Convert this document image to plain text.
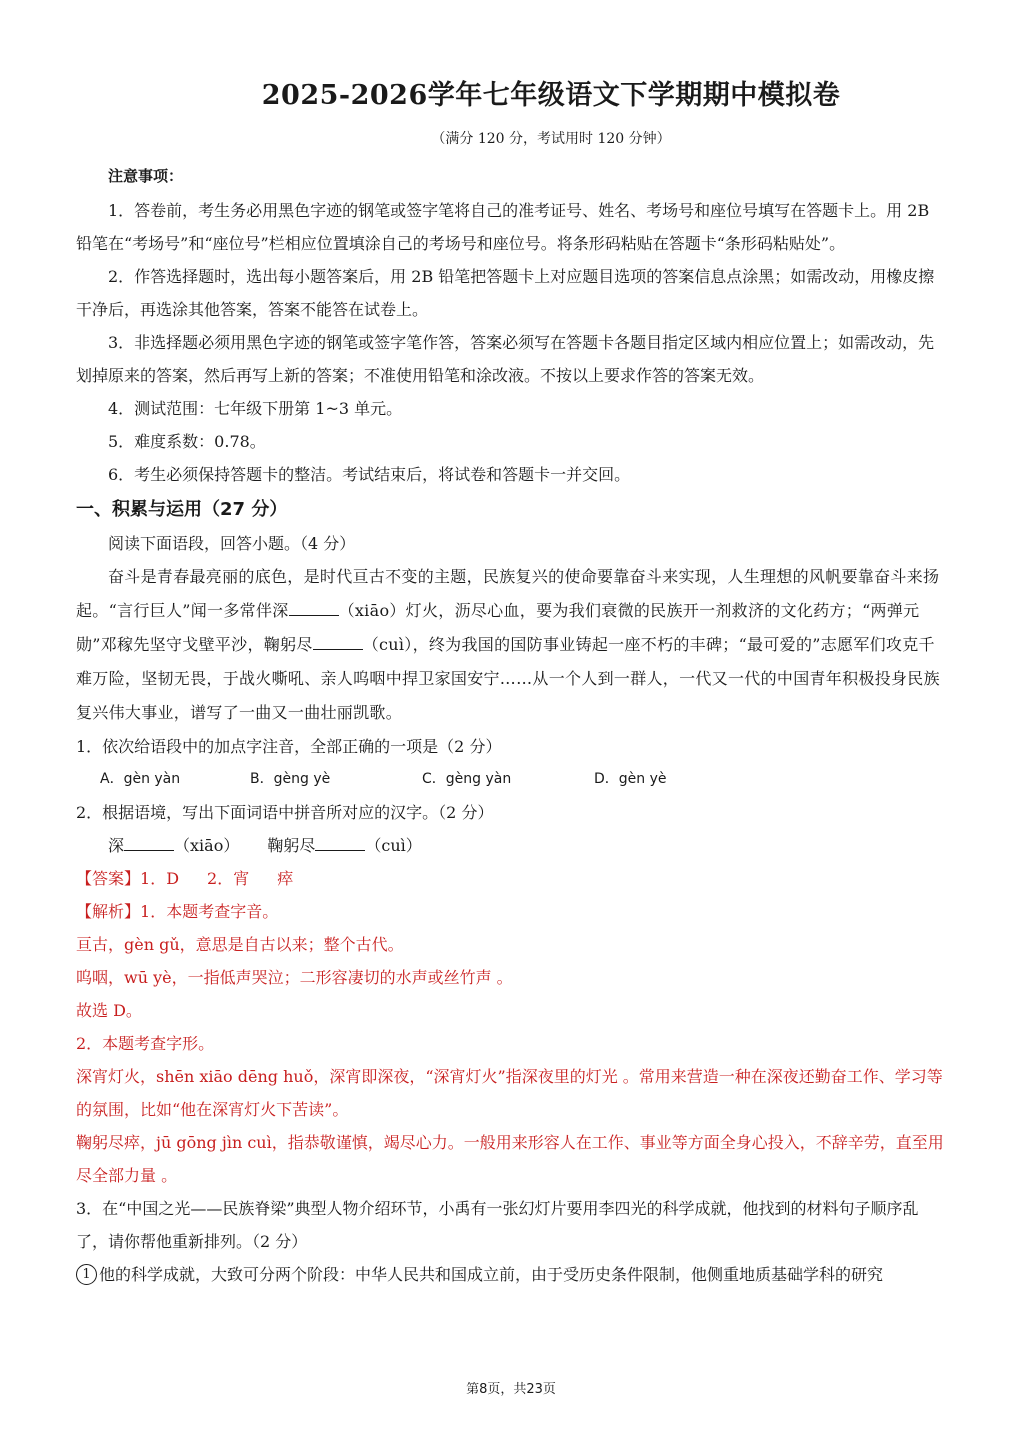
2025-2026学年七年级语文下学期期中模拟卷
（满分 120 分，考试用时 120 分钟）
注意事项：

1．答卷前，考生务必用黑色字迹的钢笔或签字笔将自己的准考证号、姓名、考场号和座位号填写在答题卡上。用 2B 铅笔在“考场号”和“座位号”栏相应位置填涂自己的考场号和座位号。将条形码粘贴在答题卡“条形码粘贴处”。

2．作答选择题时，选出每小题答案后，用 2B 铅笔把答题卡上对应题目选项的答案信息点涂黑；如需改动，用橡皮擦干净后，再选涂其他答案，答案不能答在试卷上。

3．非选择题必须用黑色字迹的钢笔或签字笔作答，答案必须写在答题卡各题目指定区域内相应位置上；如需改动，先划掉原来的答案，然后再写上新的答案；不准使用铅笔和涂改液。不按以上要求作答的答案无效。

4．测试范围：七年级下册第 1~3 单元。

5．难度系数：0.78。

6．考生必须保持答题卡的整洁。考试结束后，将试卷和答题卡一并交回。

一、积累与运用（27 分）

阅读下面语段，回答小题。（4 分）

奋斗是青春最亮丽的底色，是时代亘古不变的主题，民族复兴的使命要靠奋斗来实现，人生理想的风帆要靠奋斗来扬起。“言行巨人”闻一多常伴深	（xiāo）灯火，沥尽心血，要为我们衰微的民族开一剂救济的文化药方；“两弹元勋”邓稼先坚守戈壁平沙，鞠躬尽	（cuì），终为我国的国防事业铸起一座不朽的丰碑；“最可爱的”志愿军们攻克千难万险，坚韧无畏，于战火嘶吼、亲人呜咽中捍卫家国安宁……从一个人到一群人，一代又一代的中国青年积极投身民族复兴伟大事业，谱写了一曲又一曲壮丽凯歌。

1．依次给语段中的加点字注音，全部正确的一项是（2 分）

A．gèn yàn	B．gèng yè	C．gèng yàn	D．gèn yè

2．根据语境，写出下面词语中拼音所对应的汉字。（2 分）

深	（xiāo） 鞠躬尽	（cuì）

【答案】1．D 2．宵 瘁

【解析】1．本题考查字音。

亘古，gèn gǔ，意思是自古以来；整个古代。

呜咽，wū yè，一指低声哭泣；二形容凄切的水声或丝竹声 。

故选 D。

2．本题考查字形。

深宵灯火，shēn xiāo dēng huǒ，深宵即深夜，“深宵灯火”指深夜里的灯光 。常用来营造一种在深夜还勤奋工作、学习等的氛围，比如“他在深宵灯火下苦读”。

鞠躬尽瘁，jū gōng jìn cuì，指恭敬谨慎，竭尽心力。一般用来形容人在工作、事业等方面全身心投入，不辞辛劳，直至用尽全部力量 。

3．在“中国之光——民族脊梁”典型人物介绍环节，小禹有一张幻灯片要用李四光的科学成就，他找到的材料句子顺序乱了，请你帮他重新排列。（2 分）

1 他的科学成就，大致可分两个阶段：中华人民共和国成立前，由于受历史条件限制，他侧重地质基础学科的研究

第8页，共23页
